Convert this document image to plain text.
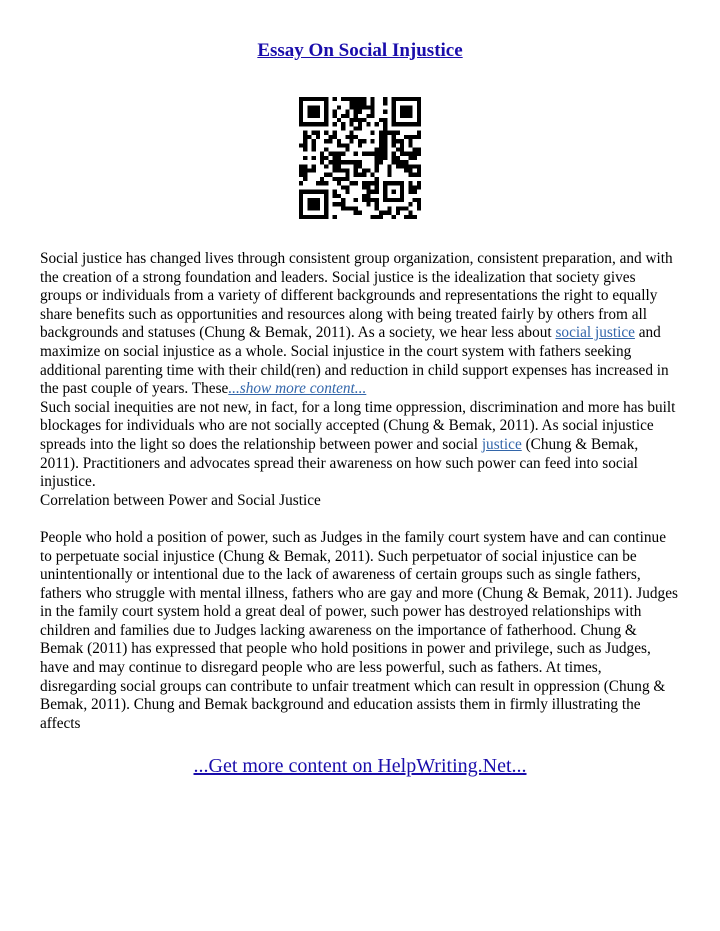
Essay On Social Injustice

Social justice has changed lives through consistent group organization, consistent preparation, and with the creation of a strong foundation and leaders. Social justice is the idealization that society gives groups or individuals from a variety of different backgrounds and representations the right to equally share benefits such as opportunities and resources along with being treated fairly by others from all backgrounds and statuses (Chung & Bemak, 2011). As a society, we hear less about social justice and maximize on social injustice as a whole. Social injustice in the court system with fathers seeking additional parenting time with their child(ren) and reduction in child support expenses has increased in the past couple of years. These...show more content...

Such social inequities are not new, in fact, for a long time oppression, discrimination and more has built blockages for individuals who are not socially accepted (Chung & Bemak, 2011). As social injustice spreads into the light so does the relationship between power and social justice (Chung & Bemak, 2011). Practitioners and advocates spread their awareness on how such power can feed into social injustice.

Correlation between Power and Social Justice

People who hold a position of power, such as Judges in the family court system have and can continue to perpetuate social injustice (Chung & Bemak, 2011). Such perpetuator of social injustice can be unintentionally or intentional due to the lack of awareness of certain groups such as single fathers, fathers who struggle with mental illness, fathers who are gay and more (Chung & Bemak, 2011). Judges in the family court system hold a great deal of power, such power has destroyed relationships with children and families due to Judges lacking awareness on the importance of fatherhood. Chung & Bemak (2011) has expressed that people who hold positions in power and privilege, such as Judges, have and may continue to disregard people who are less powerful, such as fathers. At times, disregarding social groups can contribute to unfair treatment which can result in oppression (Chung & Bemak, 2011). Chung and Bemak background and education assists them in firmly illustrating the affects

...Get more content on HelpWriting.Net...
